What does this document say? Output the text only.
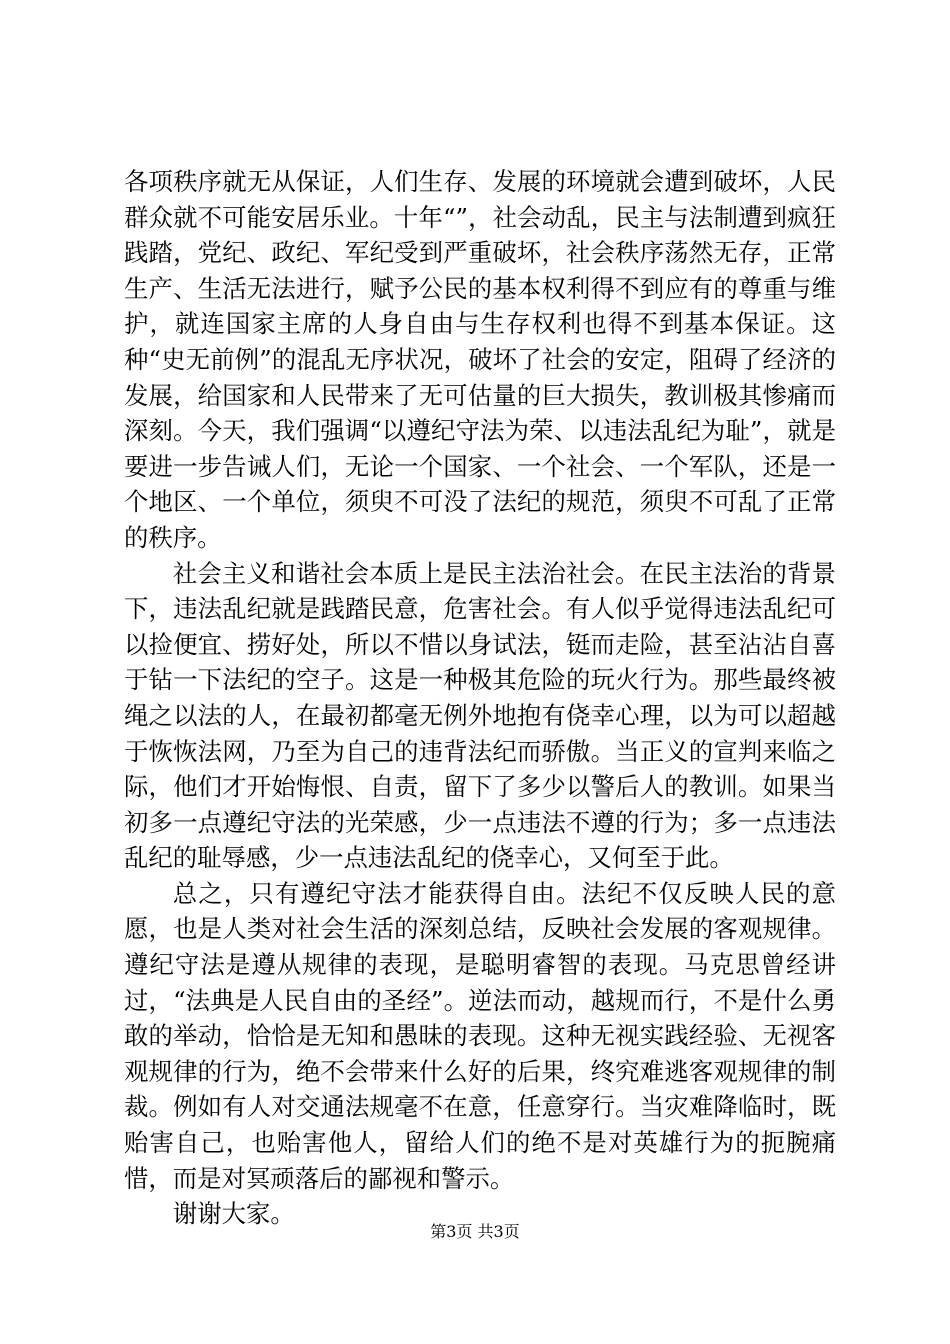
各项秩序就无从保证，人们生存、发展的环境就会遭到破坏，人民群众就不可能安居乐业。十年“”，社会动乱，民主与法制遭到疯狂践踏，党纪、政纪、军纪受到严重破坏，社会秩序荡然无存，正常生产、生活无法进行，赋予公民的基本权利得不到应有的尊重与维护，就连国家主席的人身自由与生存权利也得不到基本保证。这种“史无前例”的混乱无序状况，破坏了社会的安定，阻碍了经济的发展，给国家和人民带来了无可估量的巨大损失，教训极其惨痛而深刻。今天，我们强调“以遵纪守法为荣、以违法乱纪为耻”，就是要进一步告诫人们，无论一个国家、一个社会、一个军队，还是一个地区、一个单位，须臾不可没了法纪的规范，须臾不可乱了正常的秩序。

社会主义和谐社会本质上是民主法治社会。在民主法治的背景下，违法乱纪就是践踏民意，危害社会。有人似乎觉得违法乱纪可以捡便宜、捞好处，所以不惜以身试法，铤而走险，甚至沾沾自喜于钻一下法纪的空子。这是一种极其危险的玩火行为。那些最终被绳之以法的人，在最初都毫无例外地抱有侥幸心理，以为可以超越于恢恢法网，乃至为自己的违背法纪而骄傲。当正义的宣判来临之际，他们才开始悔恨、自责，留下了多少以警后人的教训。如果当初多一点遵纪守法的光荣感，少一点违法不遵的行为；多一点违法乱纪的耻辱感，少一点违法乱纪的侥幸心，又何至于此。

总之，只有遵纪守法才能获得自由。法纪不仅反映人民的意愿，也是人类对社会生活的深刻总结，反映社会发展的客观规律。遵纪守法是遵从规律的表现，是聪明睿智的表现。马克思曾经讲过，“法典是人民自由的圣经”。逆法而动，越规而行，不是什么勇敢的举动，恰恰是无知和愚昧的表现。这种无视实践经验、无视客观规律的行为，绝不会带来什么好的后果，终究难逃客观规律的制裁。例如有人对交通法规毫不在意，任意穿行。当灾难降临时，既贻害自己，也贻害他人，留给人们的绝不是对英雄行为的扼腕痛惜，而是对冥顽落后的鄙视和警示。

谢谢大家。

第3页 共3页
